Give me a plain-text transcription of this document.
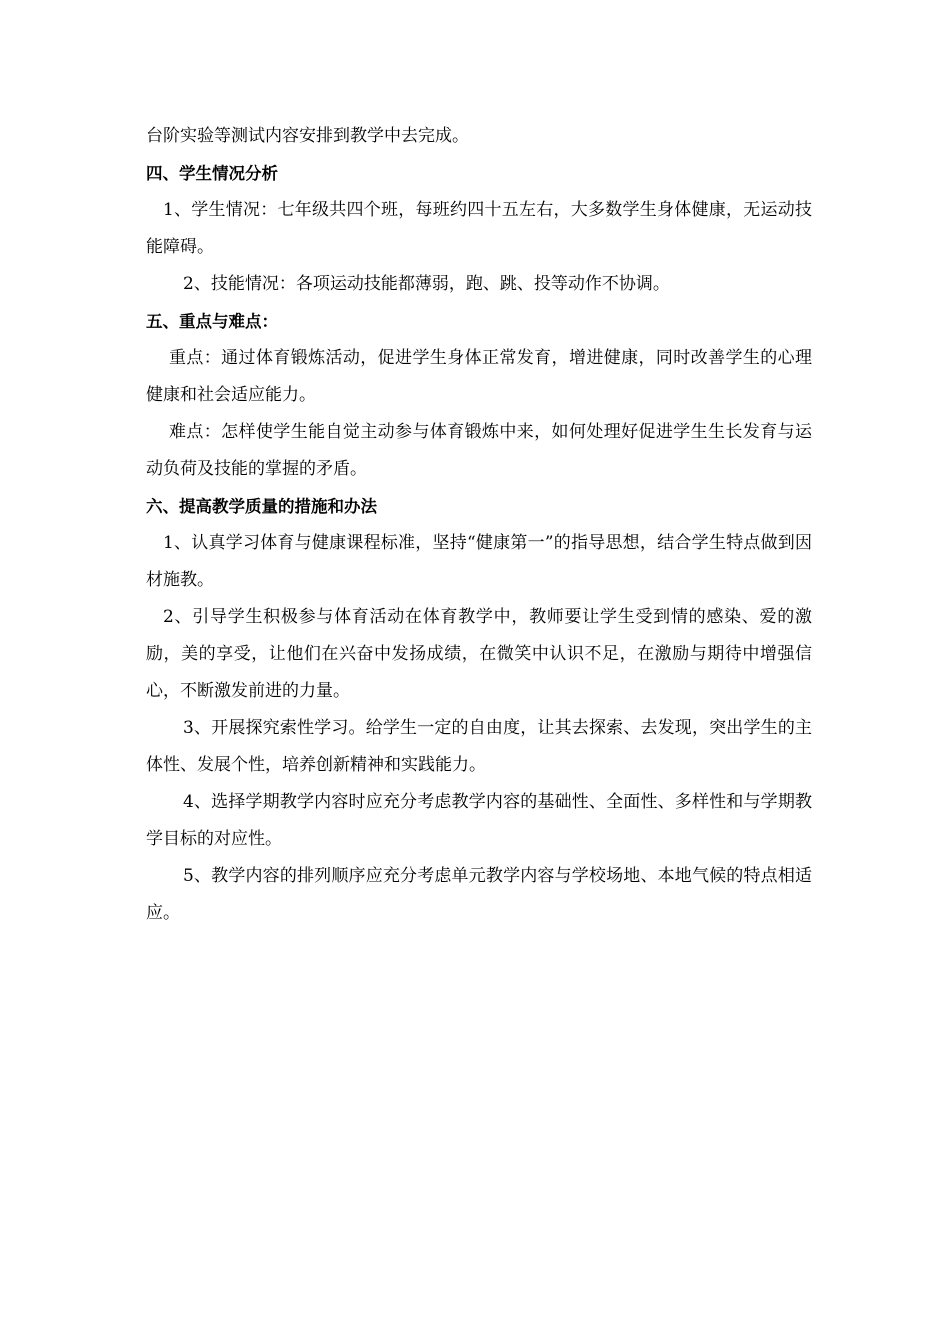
台阶实验等测试内容安排到教学中去完成。

四、学生情况分析

1、学生情况：七年级共四个班，每班约四十五左右，大多数学生身体健康，无运动技能障碍。

2、技能情况：各项运动技能都薄弱，跑、跳、投等动作不协调。

五、重点与难点：

重点：通过体育锻炼活动，促进学生身体正常发育，增进健康，同时改善学生的心理健康和社会适应能力。

难点：怎样使学生能自觉主动参与体育锻炼中来，如何处理好促进学生生长发育与运动负荷及技能的掌握的矛盾。

六、提高教学质量的措施和办法

1、认真学习体育与健康课程标准，坚持“健康第一”的指导思想，结合学生特点做到因材施教。

2、引导学生积极参与体育活动在体育教学中，教师要让学生受到情的感染、爱的激励，美的享受，让他们在兴奋中发扬成绩，在微笑中认识不足，在激励与期待中增强信心，不断激发前进的力量。

3、开展探究索性学习。给学生一定的自由度，让其去探索、去发现，突出学生的主体性、发展个性，培养创新精神和实践能力。

4、选择学期教学内容时应充分考虑教学内容的基础性、全面性、多样性和与学期教学目标的对应性。

5、教学内容的排列顺序应充分考虑单元教学内容与学校场地、本地气候的特点相适应。
